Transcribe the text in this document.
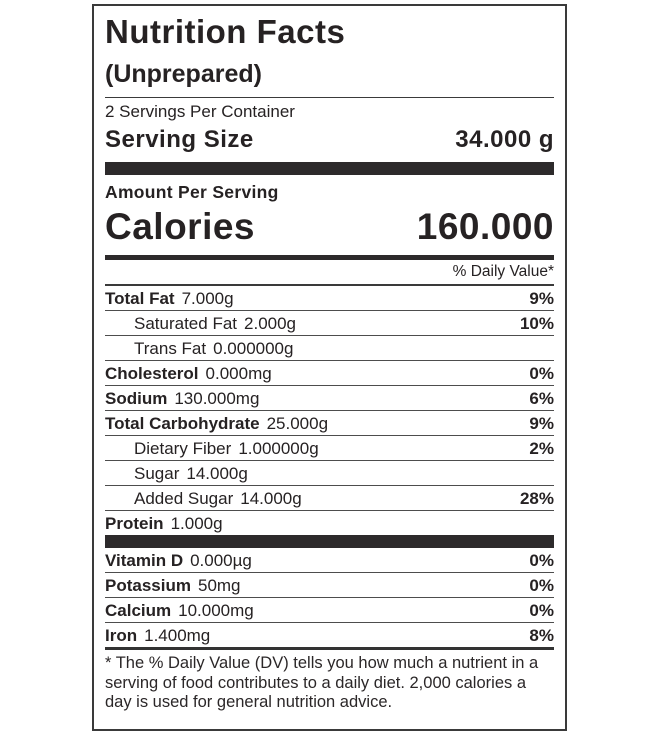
Nutrition Facts
(Unprepared)
2 Servings Per Container
Serving Size	34.000 g
Amount Per Serving
Calories	160.000
% Daily Value*
Total Fat 7.000g	9%
Saturated Fat 2.000g	10%
Trans Fat 0.000000g
Cholesterol 0.000mg	0%
Sodium 130.000mg	6%
Total Carbohydrate 25.000g	9%
Dietary Fiber 1.000000g	2%
Sugar 14.000g
Added Sugar 14.000g	28%
Protein 1.000g
Vitamin D 0.000µg	0%
Potassium 50mg	0%
Calcium 10.000mg	0%
Iron 1.400mg	8%
* The % Daily Value (DV) tells you how much a nutrient in a serving of food contributes to a daily diet. 2,000 calories a day is used for general nutrition advice.
